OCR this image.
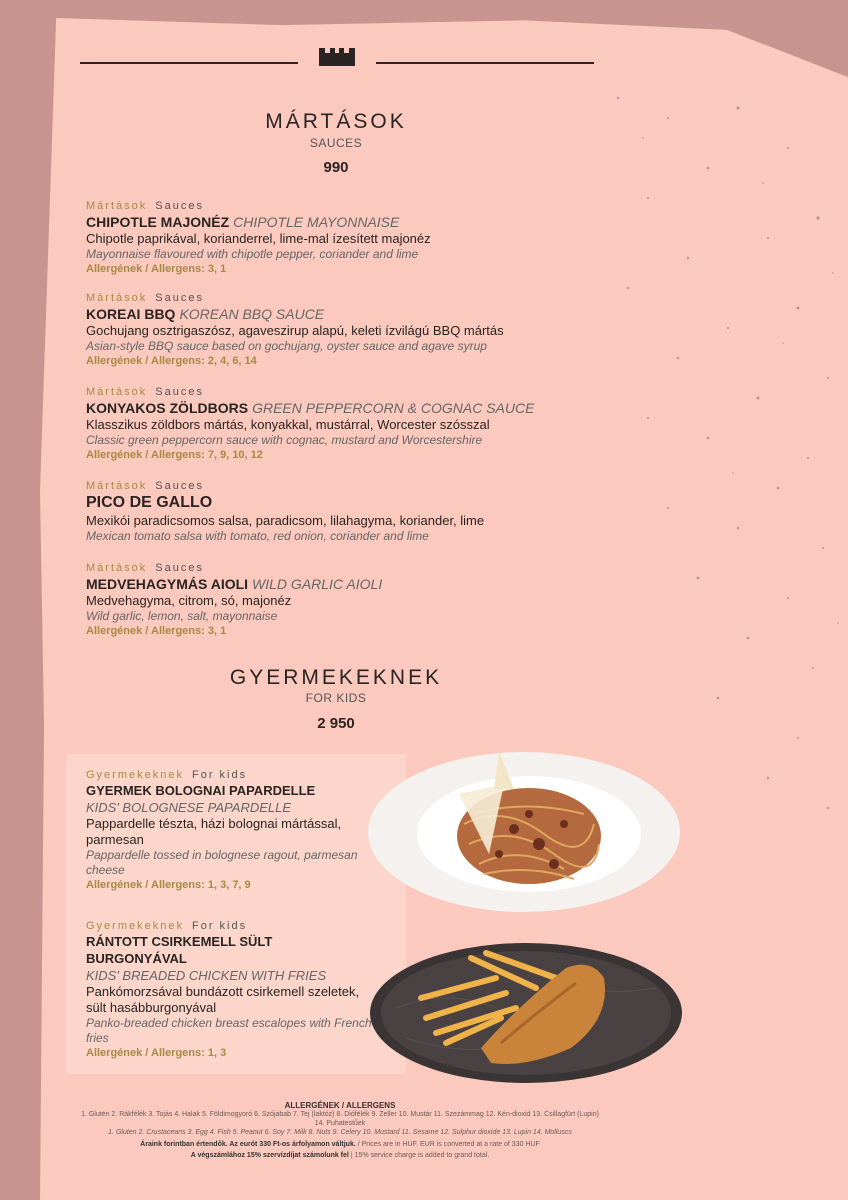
MÁRTÁSOK
SAUCES
990
Mártások Sauces
CHIPOTLE MAJONÉZ CHIPOTLE MAYONNAISE
Chipotle paprikával, korianderrel, lime-mal ízesített majonéz
Mayonnaise flavoured with chipotle pepper, coriander and lime
Allergének / Allergens: 3, 1
Mártások Sauces
KOREAI BBQ KOREAN BBQ SAUCE
Gochujang osztrigaszósz, agaveszirup alapú, keleti ízvilágú BBQ mártás
Asian-style BBQ sauce based on gochujang, oyster sauce and agave syrup
Allergének / Allergens: 2, 4, 6, 14
Mártások Sauces
KONYAKOS ZÖLDBORS GREEN PEPPERCORN & COGNAC SAUCE
Klasszikus zöldbors mártás, konyakkal, mustárral, Worcester szósszal
Classic green peppercorn sauce with cognac, mustard and Worcestershire
Allergének / Allergens: 7, 9, 10, 12
Mártások Sauces
PICO DE GALLO
Mexikói paradicsomos salsa, paradicsom, lilahagyma, koriander, lime
Mexican tomato salsa with tomato, red onion, coriander and lime
Mártások Sauces
MEDVEHAGYMÁS AIOLI WILD GARLIC AIOLI
Medvehagyma, citrom, só, majonéz
Wild garlic, lemon, salt, mayonnaise
Allergének / Allergens: 3, 1
GYERMEKEKNEK
FOR KIDS
2 950
Gyermekeknek For kids
GYERMEK BOLOGNAI PAPARDELLE
KIDS' BOLOGNESE PAPARDELLE
Pappardelle tészta, házi bolognai mártással, parmesan
Pappardelle tossed in bolognese ragout, parmesan cheese
Allergének / Allergens: 1, 3, 7, 9
Gyermekeknek For kids
RÁNTOTT CSIRKEMELL SÜLT BURGONYÁVAL
KIDS' BREADED CHICKEN WITH FRIES
Pankómorzsával bundázott csirkemell szeletek, sült hasábburgonyával
Panko-breaded chicken breast escalopes with French fries
Allergének / Allergens: 1, 3
ALLERGÉNEK / ALLERGENS
1. Glutén 2. Rákfélék 3. Tojás 4. Halak 5. Földimogyoró 6. Szójabab 7. Tej (laktóz) 8. Diófélék 9. Zeller 10. Mustár 11. Szezámmag 12. Kén-dioxid 13. Csillagfürt (Lupin) 14. Puhatestűek
1. Gluten 2. Crustaceans 3. Egg 4. Fish 5. Peanut 6. Soy 7. Milk 8. Nuts 9. Celery 10. Mustard 11. Sesame 12. Sulphur dioxide 13. Lupin 14. Molluscs
Áraink forintban értendők. Az eurót 330 Ft-os árfolyamon váltjuk. / Prices are in HUF. EUR is converted at a rate of 330 HUF
A végszámlához 15% szervízdíjat számolunk fel | 15% service charge is added to grand total.
